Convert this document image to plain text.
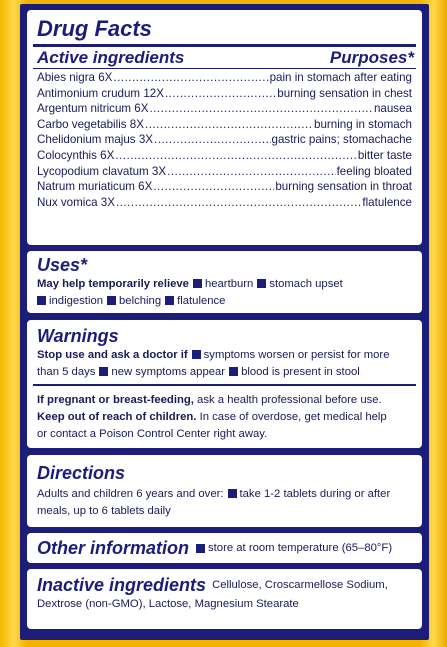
Drug Facts
Active ingredients	Purposes*
Abies nigra 6X .....	pain in stomach after eating
Antimonium crudum 12X .....	burning sensation in chest
Argentum nitricum 6X .....	nausea
Carbo vegetabilis 8X .....	burning in stomach
Chelidonium majus 3X .....	gastric pains; stomachache
Colocynthis 6X .....	bitter taste
Lycopodium clavatum 3X .....	feeling bloated
Natrum muriaticum 6X .....	burning sensation in throat
Nux vomica 3X .....	flatulence
Uses*
May help temporarily relieve heartburn stomach upset
indigestion belching flatulence
Warnings
Stop use and ask a doctor if symptoms worsen or persist for more
than 5 days new symptoms appear blood is present in stool
If pregnant or breast-feeding, ask a health professional before use.
Keep out of reach of children. In case of overdose, get medical help
or contact a Poison Control Center right away.
Directions
Adults and children 6 years and over: take 1-2 tablets during or after
meals, up to 6 tablets daily
Other information store at room temperature (65–80°F)
Inactive ingredients Cellulose, Croscarmellose Sodium,
Dextrose (non-GMO), Lactose, Magnesium Stearate
